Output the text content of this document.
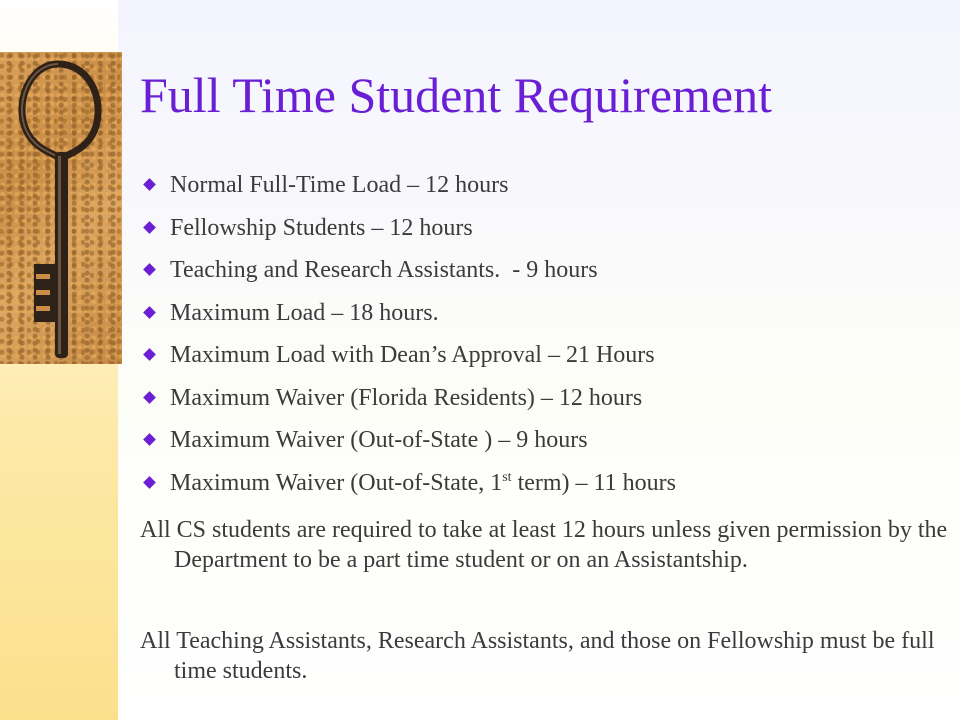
Full Time Student Requirement
Normal Full-Time Load – 12 hours
Fellowship Students – 12 hours
Teaching and Research Assistants.  - 9 hours
Maximum Load – 18 hours.
Maximum Load with Dean’s Approval – 21 Hours
Maximum Waiver (Florida Residents) – 12 hours
Maximum Waiver (Out-of-State ) – 9 hours
Maximum Waiver (Out-of-State, 1st term) – 11 hours

All CS students are required to take at least 12 hours unless given permission by the Department to be a part time student or on an Assistantship.

All Teaching Assistants, Research Assistants, and those on Fellowship must be full time students.
